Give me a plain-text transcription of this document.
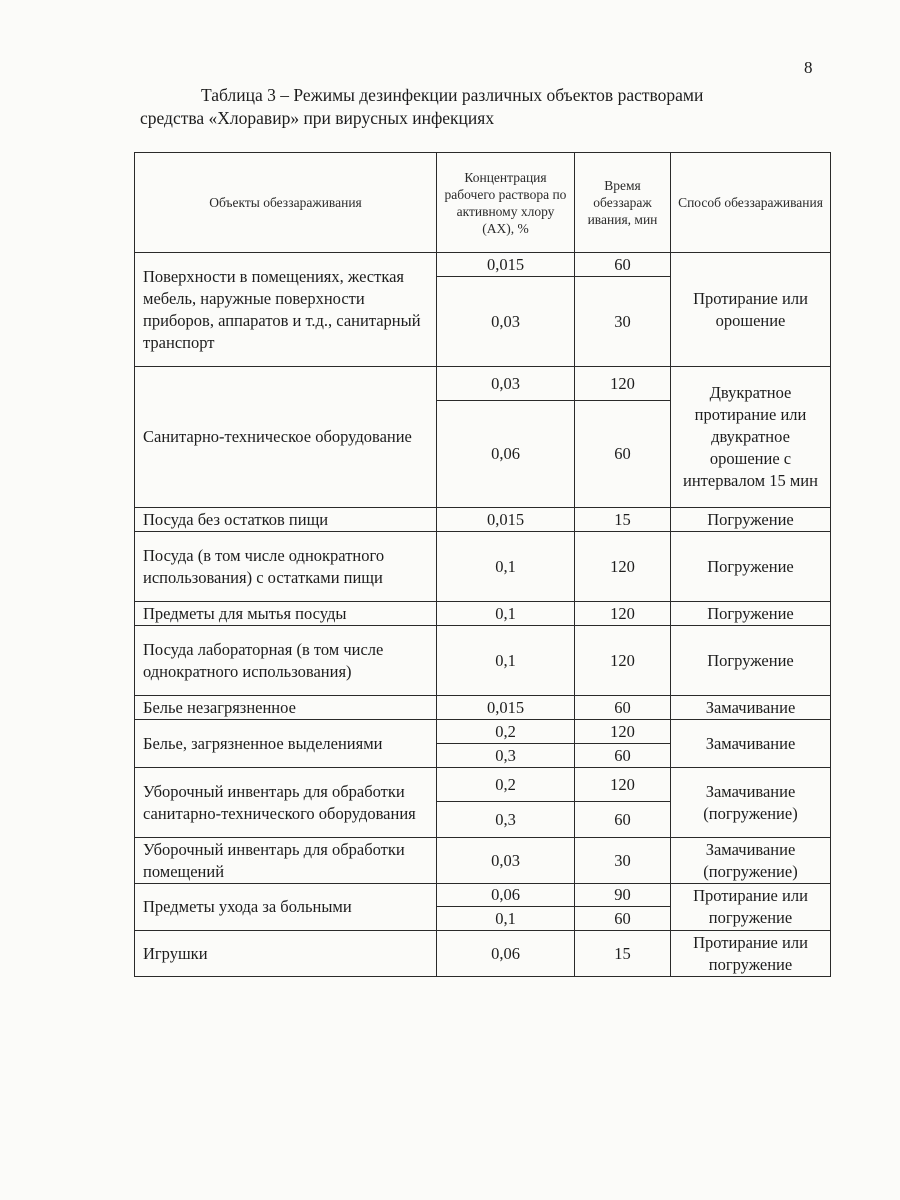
8
Таблица 3 – Режимы дезинфекции различных объектов растворами
средства «Хлоравир» при вирусных инфекциях
Объекты обеззараживания	Концентрация рабочего раствора по активному хлору (АХ), %	Время обеззараж ивания, мин	Способ обеззараживания
Поверхности в помещениях, жесткая мебель, наружные поверхности приборов, аппаратов и т.д., санитарный транспорт	0,015	60	Протирание или орошение
	0,03	30	
Санитарно-техническое оборудование	0,03	120	Двукратное протирание или двукратное орошение с интервалом 15 мин
	0,06	60	
Посуда без остатков пищи	0,015	15	Погружение
Посуда (в том числе однократного использования) с остатками пищи	0,1	120	Погружение
Предметы для мытья посуды	0,1	120	Погружение
Посуда лабораторная (в том числе однократного использования)	0,1	120	Погружение
Белье незагрязненное	0,015	60	Замачивание
Белье, загрязненное выделениями	0,2	120	Замачивание
	0,3	60	
Уборочный инвентарь для обработки санитарно-технического оборудования	0,2	120	Замачивание (погружение)
	0,3	60	
Уборочный инвентарь для обработки помещений	0,03	30	Замачивание (погружение)
Предметы ухода за больными	0,06	90	Протирание или погружение
	0,1	60	
Игрушки	0,06	15	Протирание или погружение
